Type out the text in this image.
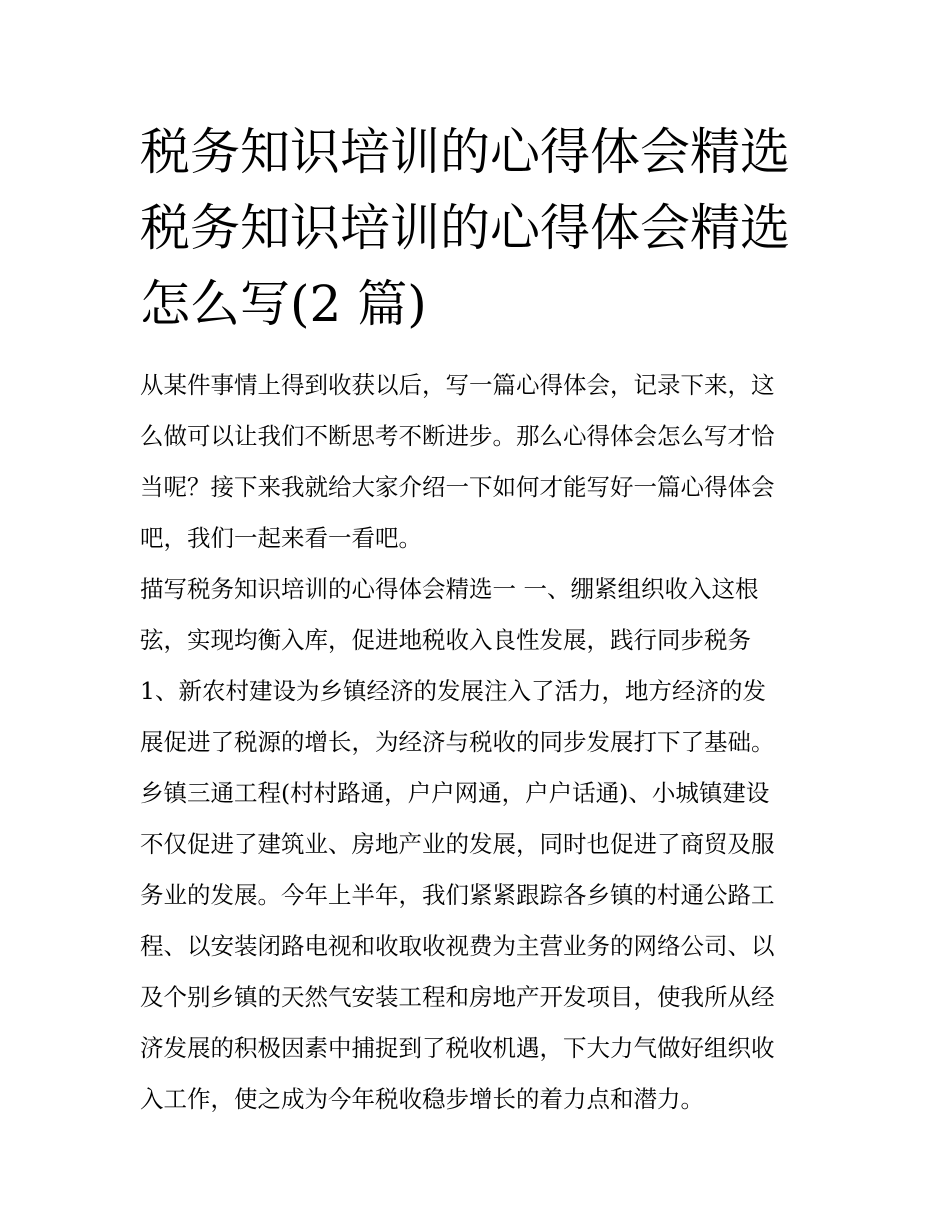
税务知识培训的心得体会精选
税务知识培训的心得体会精选
怎么写(2 篇)
从某件事情上得到收获以后，写一篇心得体会，记录下来，这
么做可以让我们不断思考不断进步。那么心得体会怎么写才恰
当呢？接下来我就给大家介绍一下如何才能写好一篇心得体会
吧，我们一起来看一看吧。
描写税务知识培训的心得体会精选一 一、绷紧组织收入这根
弦，实现均衡入库，促进地税收入良性发展，践行同步税务
1、新农村建设为乡镇经济的发展注入了活力，地方经济的发
展促进了税源的增长，为经济与税收的同步发展打下了基础。
乡镇三通工程(村村路通，户户网通，户户话通)、小城镇建设
不仅促进了建筑业、房地产业的发展，同时也促进了商贸及服
务业的发展。今年上半年，我们紧紧跟踪各乡镇的村通公路工
程、以安装闭路电视和收取收视费为主营业务的网络公司、以
及个别乡镇的天然气安装工程和房地产开发项目，使我所从经
济发展的积极因素中捕捉到了税收机遇，下大力气做好组织收
入工作，使之成为今年税收稳步增长的着力点和潜力。
